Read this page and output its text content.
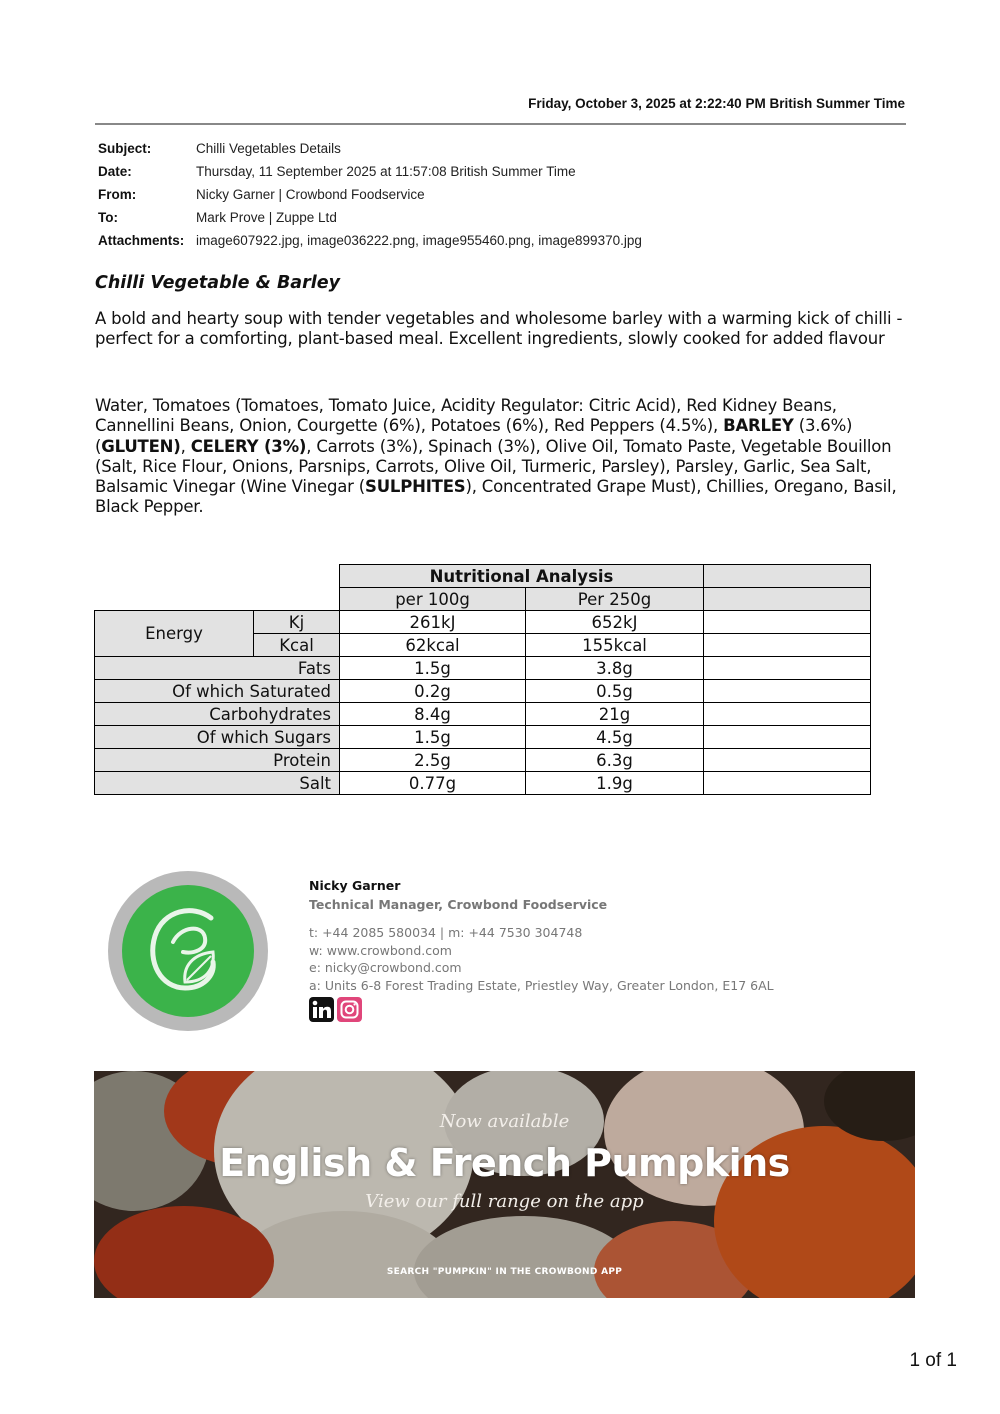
Friday, October 3, 2025 at 2:22:40 PM British Summer Time
Subject:	Chilli Vegetables Details
Date:	Thursday, 11 September 2025 at 11:57:08 British Summer Time
From:	Nicky Garner | Crowbond Foodservice
To:	Mark Prove | Zuppe Ltd
Attachments: image607922.jpg, image036222.png, image955460.png, image899370.jpg
Chilli Vegetable & Barley
A bold and hearty soup with tender vegetables and wholesome barley with a warming kick of chilli - perfect for a comforting, plant-based meal. Excellent ingredients, slowly cooked for added flavour
Water, Tomatoes (Tomatoes, Tomato Juice, Acidity Regulator: Citric Acid), Red Kidney Beans, Cannellini Beans, Onion, Courgette (6%), Potatoes (6%), Red Peppers (4.5%), BARLEY (3.6%) (GLUTEN), CELERY (3%), Carrots (3%), Spinach (3%), Olive Oil, Tomato Paste, Vegetable Bouillon (Salt, Rice Flour, Onions, Parsnips, Carrots, Olive Oil, Turmeric, Parsley), Parsley, Garlic, Sea Salt, Balsamic Vinegar (Wine Vinegar (SULPHITES), Concentrated Grape Must), Chillies, Oregano, Basil, Black Pepper.
		Nutritional Analysis		
		per 100g	Per 250g	
Energy	Kj	261kJ	652kJ	
	Kcal	62kcal	155kcal	
Fats		1.5g	3.8g	
Of which Saturated		0.2g	0.5g	
Carbohydrates		8.4g	21g	
Of which Sugars		1.5g	4.5g	
Protein		2.5g	6.3g	
Salt		0.77g	1.9g	
Nicky Garner
Technical Manager, Crowbond Foodservice
t: +44 2085 580034 | m: +44 7530 304748
w: www.crowbond.com
e: nicky@crowbond.com
a: Units 6-8 Forest Trading Estate, Priestley Way, Greater London, E17 6AL
Now available
English & French Pumpkins
View our full range on the app
SEARCH "PUMPKIN" IN THE CROWBOND APP
1 of 1
